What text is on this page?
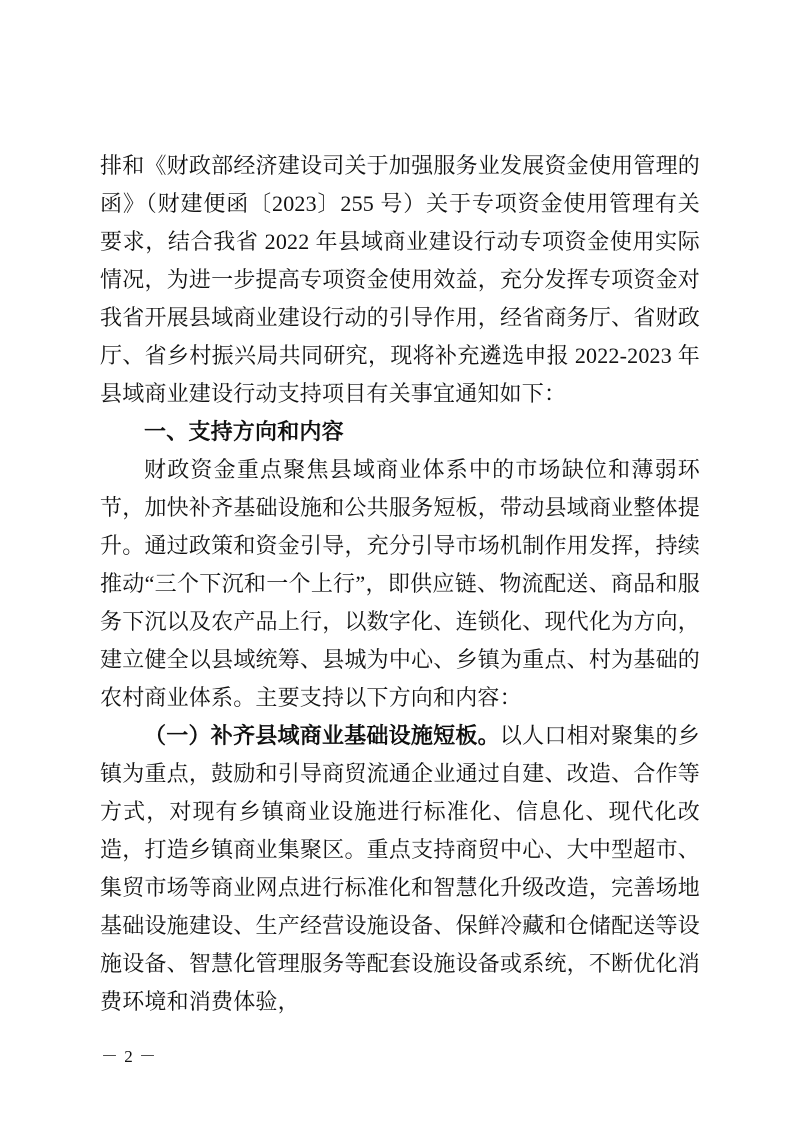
排和《财政部经济建设司关于加强服务业发展资金使用管理的函》（财建便函〔2023〕255 号）关于专项资金使用管理有关要求，结合我省 2022 年县域商业建设行动专项资金使用实际情况，为进一步提高专项资金使用效益，充分发挥专项资金对我省开展县域商业建设行动的引导作用，经省商务厅、省财政厅、省乡村振兴局共同研究，现将补充遴选申报 2022-2023 年县域商业建设行动支持项目有关事宜通知如下：

一、支持方向和内容

财政资金重点聚焦县域商业体系中的市场缺位和薄弱环节，加快补齐基础设施和公共服务短板，带动县域商业整体提升。通过政策和资金引导，充分引导市场机制作用发挥，持续推动“三个下沉和一个上行”，即供应链、物流配送、商品和服务下沉以及农产品上行，以数字化、连锁化、现代化为方向，建立健全以县域统筹、县城为中心、乡镇为重点、村为基础的农村商业体系。主要支持以下方向和内容：

（一）补齐县域商业基础设施短板。以人口相对聚集的乡镇为重点，鼓励和引导商贸流通企业通过自建、改造、合作等方式，对现有乡镇商业设施进行标准化、信息化、现代化改造，打造乡镇商业集聚区。重点支持商贸中心、大中型超市、集贸市场等商业网点进行标准化和智慧化升级改造，完善场地基础设施建设、生产经营设施设备、保鲜冷藏和仓储配送等设施设备、智慧化管理服务等配套设施设备或系统，不断优化消费环境和消费体验，

－ 2 －
